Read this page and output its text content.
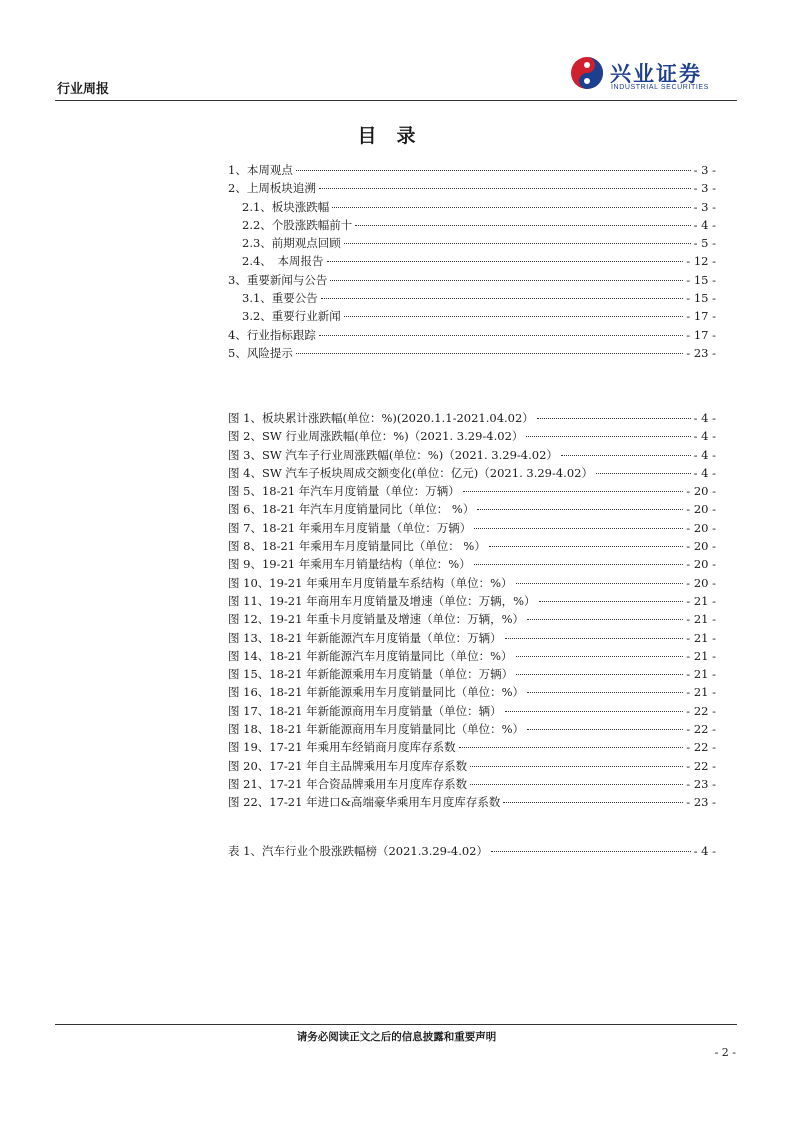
行业周报
兴业证券
INDUSTRIAL SECURITIES
目录
1、本周观点	- 3 -
2、上周板块追溯	- 3 -
2.1、板块涨跌幅	- 3 -
2.2、个股涨跌幅前十	- 4 -
2.3、前期观点回顾	- 5 -
2.4、　本周报告	- 12 -
3、重要新闻与公告	- 15 -
3.1、重要公告	- 15 -
3.2、重要行业新闻	- 17 -
4、行业指标跟踪	- 17 -
5、风险提示	- 23 -
图 1、板块累计涨跌幅(单位：%)(2020.1.1-2021.04.02）	- 4 -
图 2、SW 行业周涨跌幅(单位：%)（2021. 3.29-4.02）	- 4 -
图 3、SW 汽车子行业周涨跌幅(单位：%)（2021. 3.29-4.02）	- 4 -
图 4、SW 汽车子板块周成交额变化(单位：亿元)（2021. 3.29-4.02）	- 4 -
图 5、18-21 年汽车月度销量（单位：万辆）	- 20 -
图 6、18-21 年汽车月度销量同比（单位： %）	- 20 -
图 7、18-21 年乘用车月度销量（单位：万辆）	- 20 -
图 8、18-21 年乘用车月度销量同比（单位： %）	- 20 -
图 9、19-21 年乘用车月销量结构（单位：%）	- 20 -
图 10、19-21 年乘用车月度销量车系结构（单位：%）	- 20 -
图 11、19-21 年商用车月度销量及增速（单位：万辆，%）	- 21 -
图 12、19-21 年重卡月度销量及增速（单位：万辆，%）	- 21 -
图 13、18-21 年新能源汽车月度销量（单位：万辆）	- 21 -
图 14、18-21 年新能源汽车月度销量同比（单位：%）	- 21 -
图 15、18-21 年新能源乘用车月度销量（单位：万辆）	- 21 -
图 16、18-21 年新能源乘用车月度销量同比（单位：%）	- 21 -
图 17、18-21 年新能源商用车月度销量（单位：辆）	- 22 -
图 18、18-21 年新能源商用车月度销量同比（单位：%）	- 22 -
图 19、17-21 年乘用车经销商月度库存系数	- 22 -
图 20、17-21 年自主品牌乘用车月度库存系数	- 22 -
图 21、17-21 年合资品牌乘用车月度库存系数	- 23 -
图 22、17-21 年进口&高端豪华乘用车月度库存系数	- 23 -
表 1、汽车行业个股涨跌幅榜（2021.3.29-4.02）	- 4 -
请务必阅读正文之后的信息披露和重要声明
- 2 -
